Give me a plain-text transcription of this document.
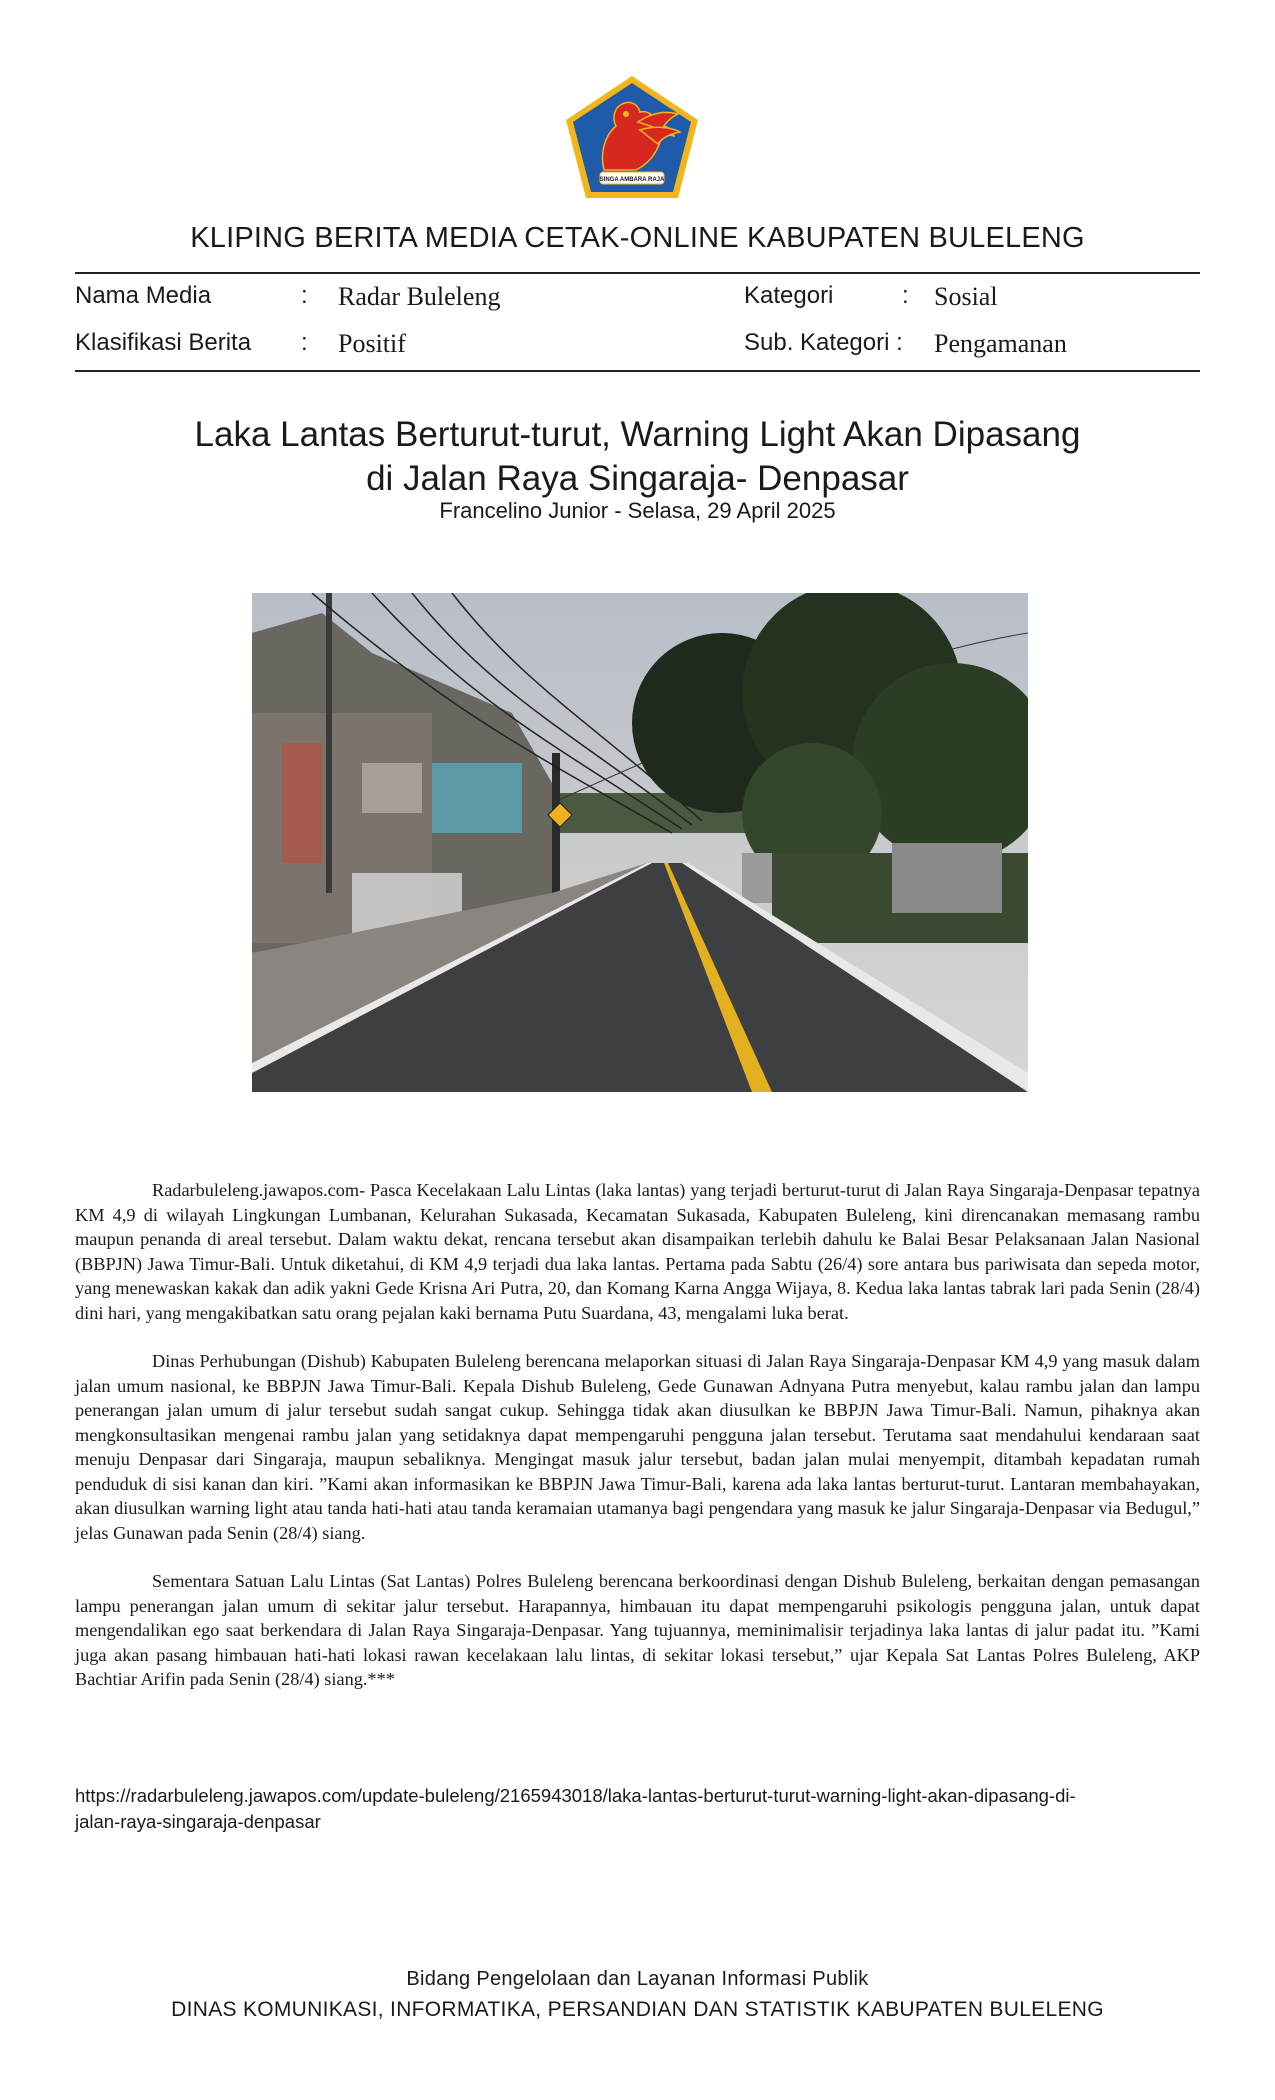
SINGA AMBARA RAJA
KLIPING BERITA MEDIA CETAK-ONLINE KABUPATEN BULELENG
Nama Media	: Radar Buleleng	Kategori	: Sosial
Klasifikasi Berita : Positif	Sub. Kategori : Pengamanan
Laka Lantas Berturut-turut, Warning Light Akan Dipasang
di Jalan Raya Singaraja- Denpasar
Francelino Junior - Selasa, 29 April 2025

Radarbuleleng.jawapos.com- Pasca Kecelakaan Lalu Lintas (laka lantas) yang terjadi berturut-turut di Jalan Raya Singaraja-Denpasar tepatnya KM 4,9 di wilayah Lingkungan Lumbanan, Kelurahan Sukasada, Kecamatan Sukasada, Kabupaten Buleleng, kini direncanakan memasang rambu maupun penanda di areal tersebut. Dalam waktu dekat, rencana tersebut akan disampaikan terlebih dahulu ke Balai Besar Pelaksanaan Jalan Nasional (BBPJN) Jawa Timur-Bali. Untuk diketahui, di KM 4,9 terjadi dua laka lantas. Pertama pada Sabtu (26/4) sore antara bus pariwisata dan sepeda motor, yang menewaskan kakak dan adik yakni Gede Krisna Ari Putra, 20, dan Komang Karna Angga Wijaya, 8. Kedua laka lantas tabrak lari pada Senin (28/4) dini hari, yang mengakibatkan satu orang pejalan kaki bernama Putu Suardana, 43, mengalami luka berat.

Dinas Perhubungan (Dishub) Kabupaten Buleleng berencana melaporkan situasi di Jalan Raya Singaraja-Denpasar KM 4,9 yang masuk dalam jalan umum nasional, ke BBPJN Jawa Timur-Bali. Kepala Dishub Buleleng, Gede Gunawan Adnyana Putra menyebut, kalau rambu jalan dan lampu penerangan jalan umum di jalur tersebut sudah sangat cukup. Sehingga tidak akan diusulkan ke BBPJN Jawa Timur-Bali. Namun, pihaknya akan mengkonsultasikan mengenai rambu jalan yang setidaknya dapat mempengaruhi pengguna jalan tersebut. Terutama saat mendahului kendaraan saat menuju Denpasar dari Singaraja, maupun sebaliknya. Mengingat masuk jalur tersebut, badan jalan mulai menyempit, ditambah kepadatan rumah penduduk di sisi kanan dan kiri. ”Kami akan informasikan ke BBPJN Jawa Timur-Bali, karena ada laka lantas berturut-turut. Lantaran membahayakan, akan diusulkan warning light atau tanda hati-hati atau tanda keramaian utamanya bagi pengendara yang masuk ke jalur Singaraja-Denpasar via Bedugul,” jelas Gunawan pada Senin (28/4) siang.

Sementara Satuan Lalu Lintas (Sat Lantas) Polres Buleleng berencana berkoordinasi dengan Dishub Buleleng, berkaitan dengan pemasangan lampu penerangan jalan umum di sekitar jalur tersebut. Harapannya, himbauan itu dapat mempengaruhi psikologis pengguna jalan, untuk dapat mengendalikan ego saat berkendara di Jalan Raya Singaraja-Denpasar. Yang tujuannya, meminimalisir terjadinya laka lantas di jalur padat itu. ”Kami juga akan pasang himbauan hati-hati lokasi rawan kecelakaan lalu lintas, di sekitar lokasi tersebut,” ujar Kepala Sat Lantas Polres Buleleng, AKP Bachtiar Arifin pada Senin (28/4) siang.***

https://radarbuleleng.jawapos.com/update-buleleng/2165943018/laka-lantas-berturut-turut-warning-light-akan-dipasang-di-
jalan-raya-singaraja-denpasar
Bidang Pengelolaan dan Layanan Informasi Publik
DINAS KOMUNIKASI, INFORMATIKA, PERSANDIAN DAN STATISTIK KABUPATEN BULELENG
